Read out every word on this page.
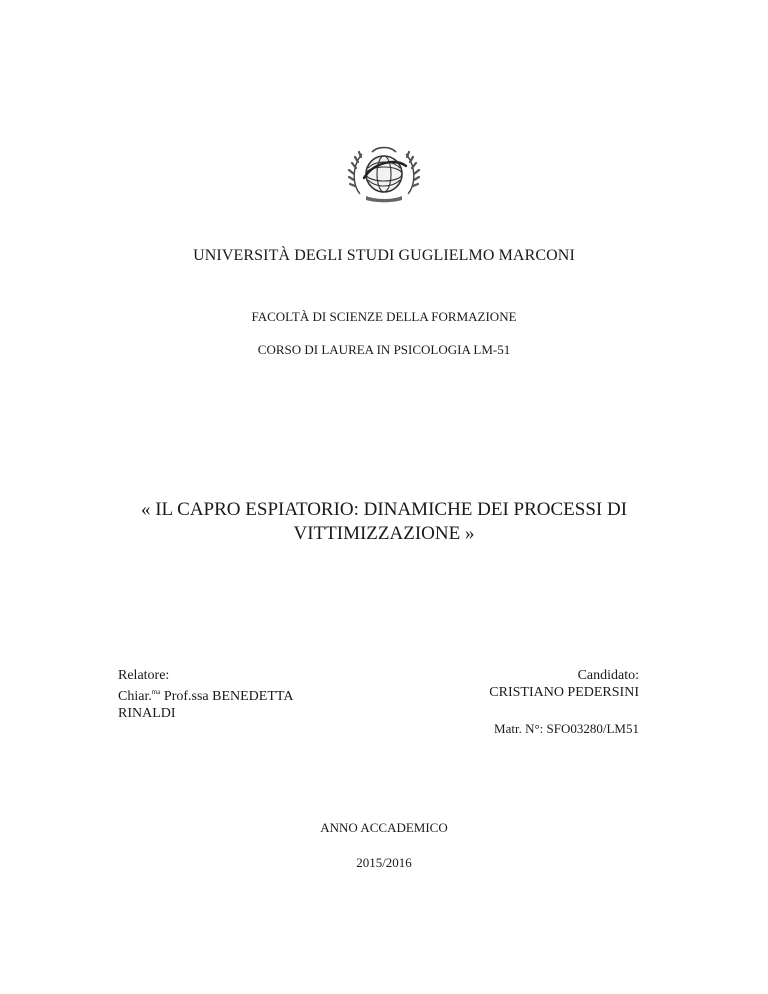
UNIVERSITÀ DEGLI STUDI GUGLIELMO MARCONI
FACOLTÀ DI SCIENZE DELLA FORMAZIONE
CORSO DI LAUREA IN PSICOLOGIA LM-51
« IL CAPRO ESPIATORIO: DINAMICHE DEI PROCESSI DI VITTIMIZZAZIONE »
Relatore:
Chiar.$^{ma}$ Prof.ssa BENEDETTA
RINALDI
Candidato:
CRISTIANO PEDERSINI
Matr. N°: SFO03280/LM51
ANNO ACCADEMICO
2015/2016
